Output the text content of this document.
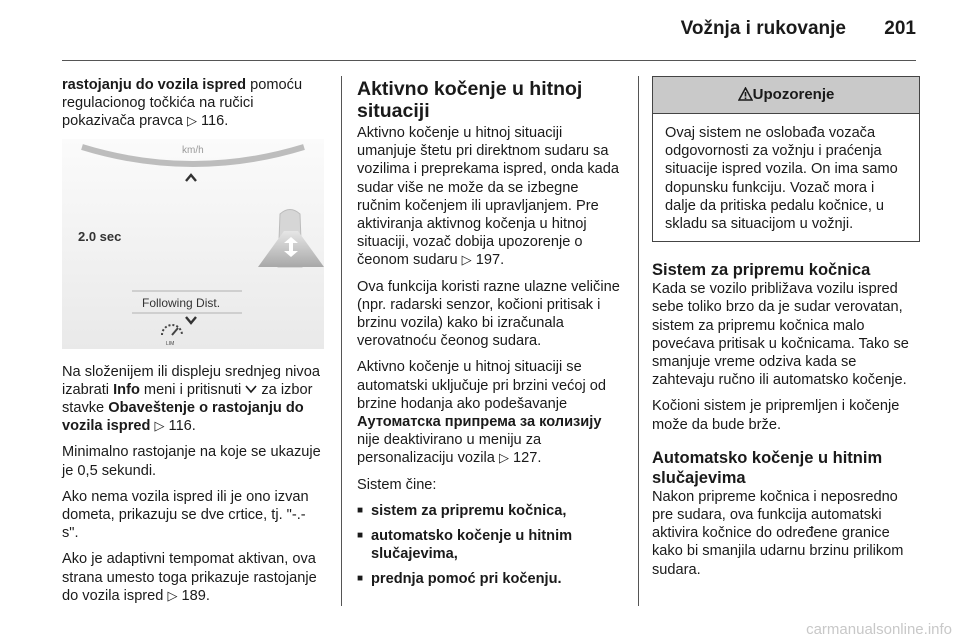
Vožnja i rukovanje 201

rastojanju do vozila ispred pomoću regulacionog točkića na ručici pokazivača pravca ▷ 116.

km/h
2.0 sec
Following Dist.
LIM

Na složenijem ili displeju srednjeg nivoa izabrati Info meni i pritisnuti  za izbor stavke Obaveštenje o rastojanju do vozila ispred ▷ 116.

Minimalno rastojanje na koje se ukazuje je 0,5 sekundi.

Ako nema vozila ispred ili je ono izvan dometa, prikazuju se dve crtice, tj. "-.- s".

Ako je adaptivni tempomat aktivan, ova strana umesto toga prikazuje rastojanje do vozila ispred ▷ 189.

Aktivno kočenje u hitnoj situaciji

Aktivno kočenje u hitnoj situaciji umanjuje štetu pri direktnom sudaru sa vozilima i preprekama ispred, onda kada sudar više ne može da se izbegne ručnim kočenjem ili upravljanjem. Pre aktiviranja aktivnog kočenja u hitnoj situaciji, vozač dobija upozorenje o čeonom sudaru ▷ 197.

Ova funkcija koristi razne ulazne veličine (npr. radarski senzor, kočioni pritisak i brzinu vozila) kako bi izračunala verovatnoću čeonog sudara.

Aktivno kočenje u hitnoj situaciji se automatski uključuje pri brzini većoj od brzine hodanja ako podešavanje Аутоматска припрема за колизију nije deaktivirano u meniju za personalizaciju vozila ▷ 127.

Sistem čine:

■ sistem za pripremu kočnica,
■ automatsko kočenje u hitnim slučajevima,
■ prednja pomoć pri kočenju.
Upozorenje
Ovaj sistem ne oslobađa vozača odgovornosti za vožnju i praćenja situacije ispred vozila. On ima samo dopunsku funkciju. Vozač mora i dalje da pritiska pedalu kočnice, u skladu sa situacijom u vožnji.
Sistem za pripremu kočnica

Kada se vozilo približava vozilu ispred sebe toliko brzo da je sudar verovatan, sistem za pripremu kočnica malo povećava pritisak u kočnicama. Tako se smanjuje vreme odziva kada se zahtevaju ručno ili automatsko kočenje.

Kočioni sistem je pripremljen i kočenje može da bude brže.

Automatsko kočenje u hitnim slučajevima

Nakon pripreme kočnica i neposredno pre sudara, ova funkcija automatski aktivira kočnice do određene granice kako bi smanjila udarnu brzinu prilikom sudara.

carmanualsonline.info
